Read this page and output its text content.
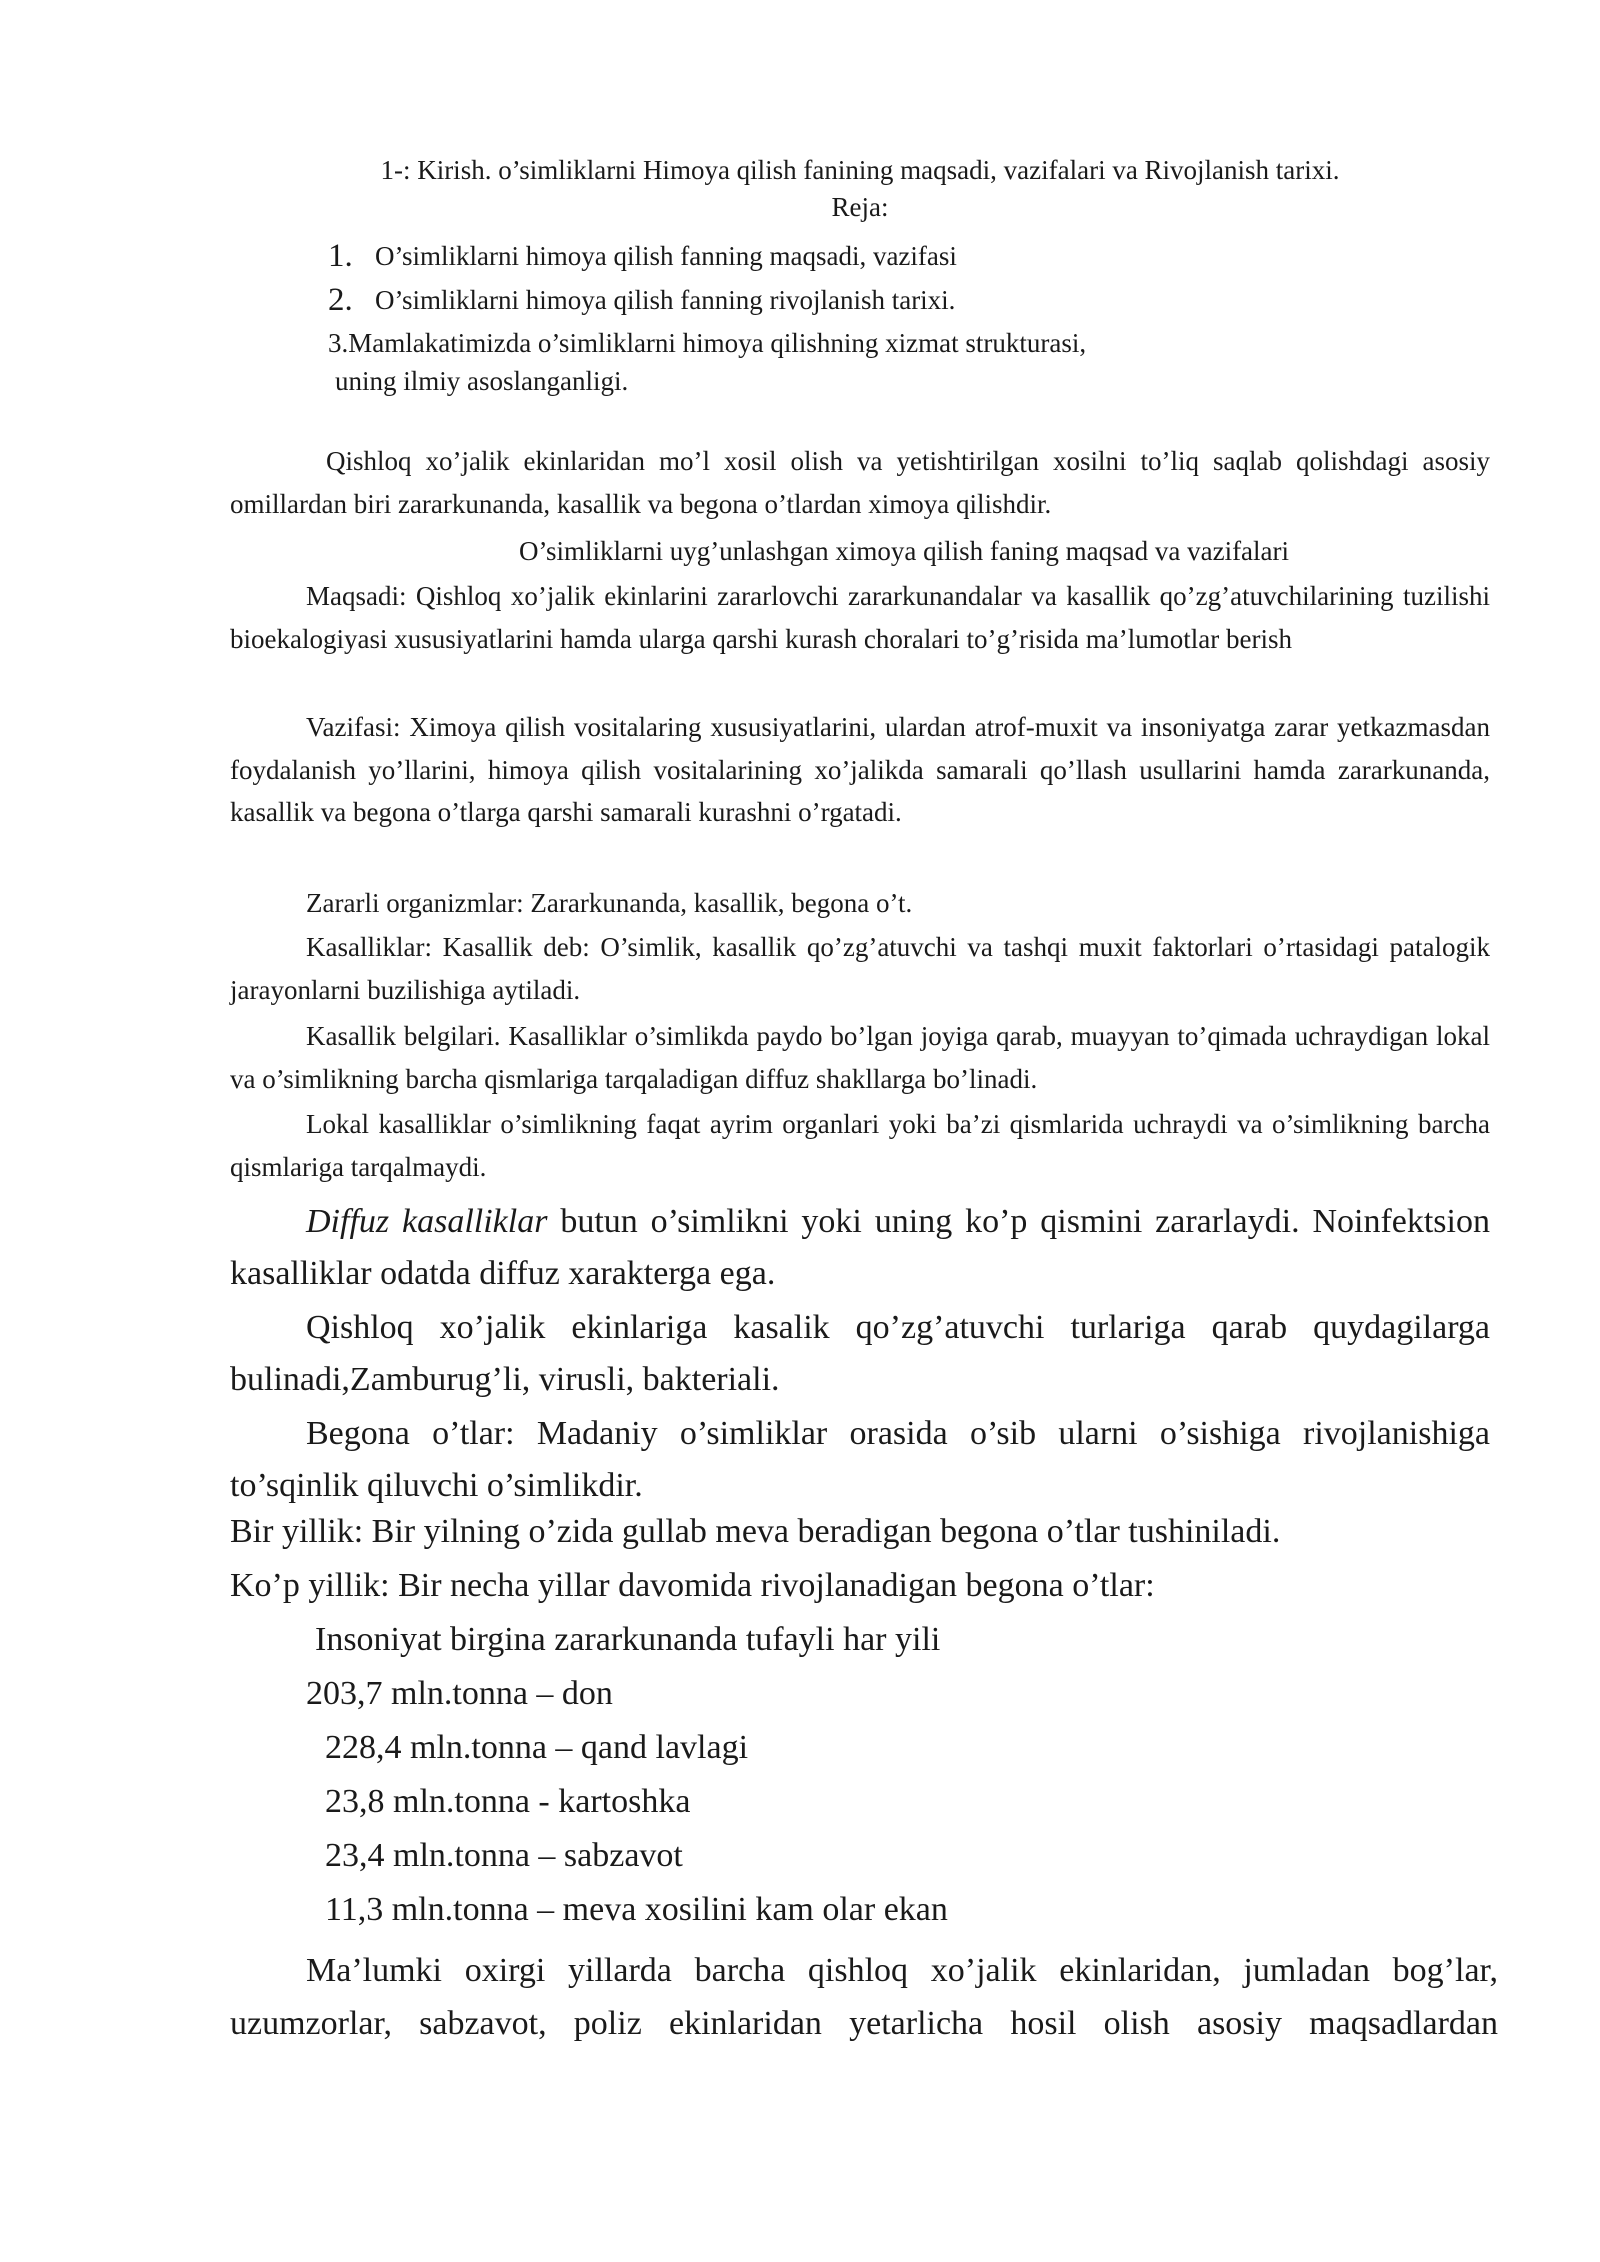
1-: Kirish. o’simliklarni Himoya qilish fanining maqsadi, vazifalari va Rivojlanish tarixi.
Reja:
1. O’simliklarni himoya qilish fanning maqsadi, vazifasi
2. O’simliklarni himoya qilish fanning rivojlanish tarixi.
3.Mamlakatimizda o’simliklarni himoya qilishning xizmat strukturasi,
uning ilmiy asoslanganligi.
Qishloq xo’jalik ekinlaridan mo’l xosil olish va yetishtirilgan xosilni to’liq saqlab qolishdagi asosiy omillardan biri zararkunanda, kasallik va begona o’tlardan ximoya qilishdir.
O’simliklarni uyg’unlashgan ximoya qilish faning maqsad va vazifalari
Maqsadi: Qishloq xo’jalik ekinlarini zararlovchi zararkunandalar va kasallik qo’zg’atuvchilarining tuzilishi bioekalogiyasi xususiyatlarini hamda ularga qarshi kurash choralari to’g’risida ma’lumotlar berish
Vazifasi: Ximoya qilish vositalaring xususiyatlarini, ulardan atrof-muxit va insoniyatga zarar yetkazmasdan foydalanish yo’llarini, himoya qilish vositalarining xo’jalikda samarali qo’llash usullarini hamda zararkunanda, kasallik va begona o’tlarga qarshi samarali kurashni o’rgatadi.
Zararli organizmlar: Zararkunanda, kasallik, begona o’t.
Kasalliklar: Kasallik deb: O’simlik, kasallik qo’zg’atuvchi va tashqi muxit faktorlari o’rtasidagi patalogik jarayonlarni buzilishiga aytiladi.
Kasallik belgilari. Kasalliklar o’simlikda paydo bo’lgan joyiga qarab, muayyan to’qimada uchraydigan lokal va o’simlikning barcha qismlariga tarqaladigan diffuz shakllarga bo’linadi.
Lokal kasalliklar o’simlikning faqat ayrim organlari yoki ba’zi qismlarida uchraydi va o’simlikning barcha qismlariga tarqalmaydi.
Diffuz kasalliklar butun o’simlikni yoki uning ko’p qismini zararlaydi. Noinfektsion kasalliklar odatda diffuz xarakterga ega.
Qishloq xo’jalik ekinlariga kasalik qo’zg’atuvchi turlariga qarab quydagilarga bulinadi,Zamburug’li, virusli, bakteriali.
Begona o’tlar: Madaniy o’simliklar orasida o’sib ularni o’sishiga rivojlanishiga to’sqinlik qiluvchi o’simlikdir.
Bir yillik: Bir yilning o’zida gullab meva beradigan begona o’tlar tushiniladi.
Ko’p yillik: Bir necha yillar davomida rivojlanadigan begona o’tlar:
Insoniyat birgina zararkunanda tufayli har yili
203,7 mln.tonna – don
228,4 mln.tonna – qand lavlagi
23,8 mln.tonna - kartoshka
23,4 mln.tonna – sabzavot
11,3 mln.tonna – meva xosilini kam olar ekan
Ma’lumki oxirgi yillarda barcha qishloq xo’jalik ekinlaridan, jumladan bog’lar, uzumzorlar, sabzavot, poliz ekinlaridan yetarlicha hosil olish asosiy maqsadlardan
